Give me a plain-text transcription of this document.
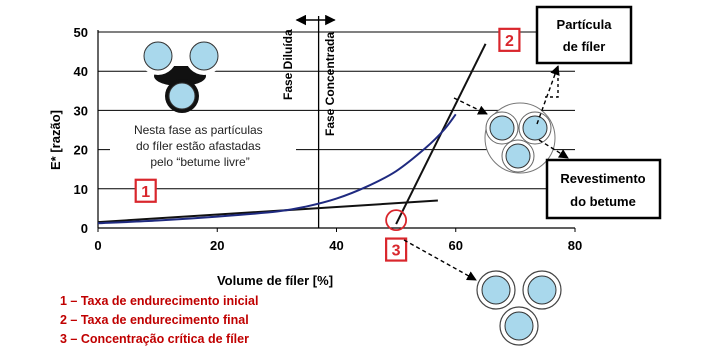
0
10
20
30
40
50
0	20	40	60	80
E* [razão]
Volume de fíler [%]
Fase Diluída Fase Concentrada
Nesta fase as partículas do fíler estão afastadas pelo “betume livre”
1
2
3
Partícula
de fíler
Revestimento
do betume
1 – Taxa de endurecimento inicial
2 – Taxa de endurecimento final
3 – Concentração crítica de fíler
